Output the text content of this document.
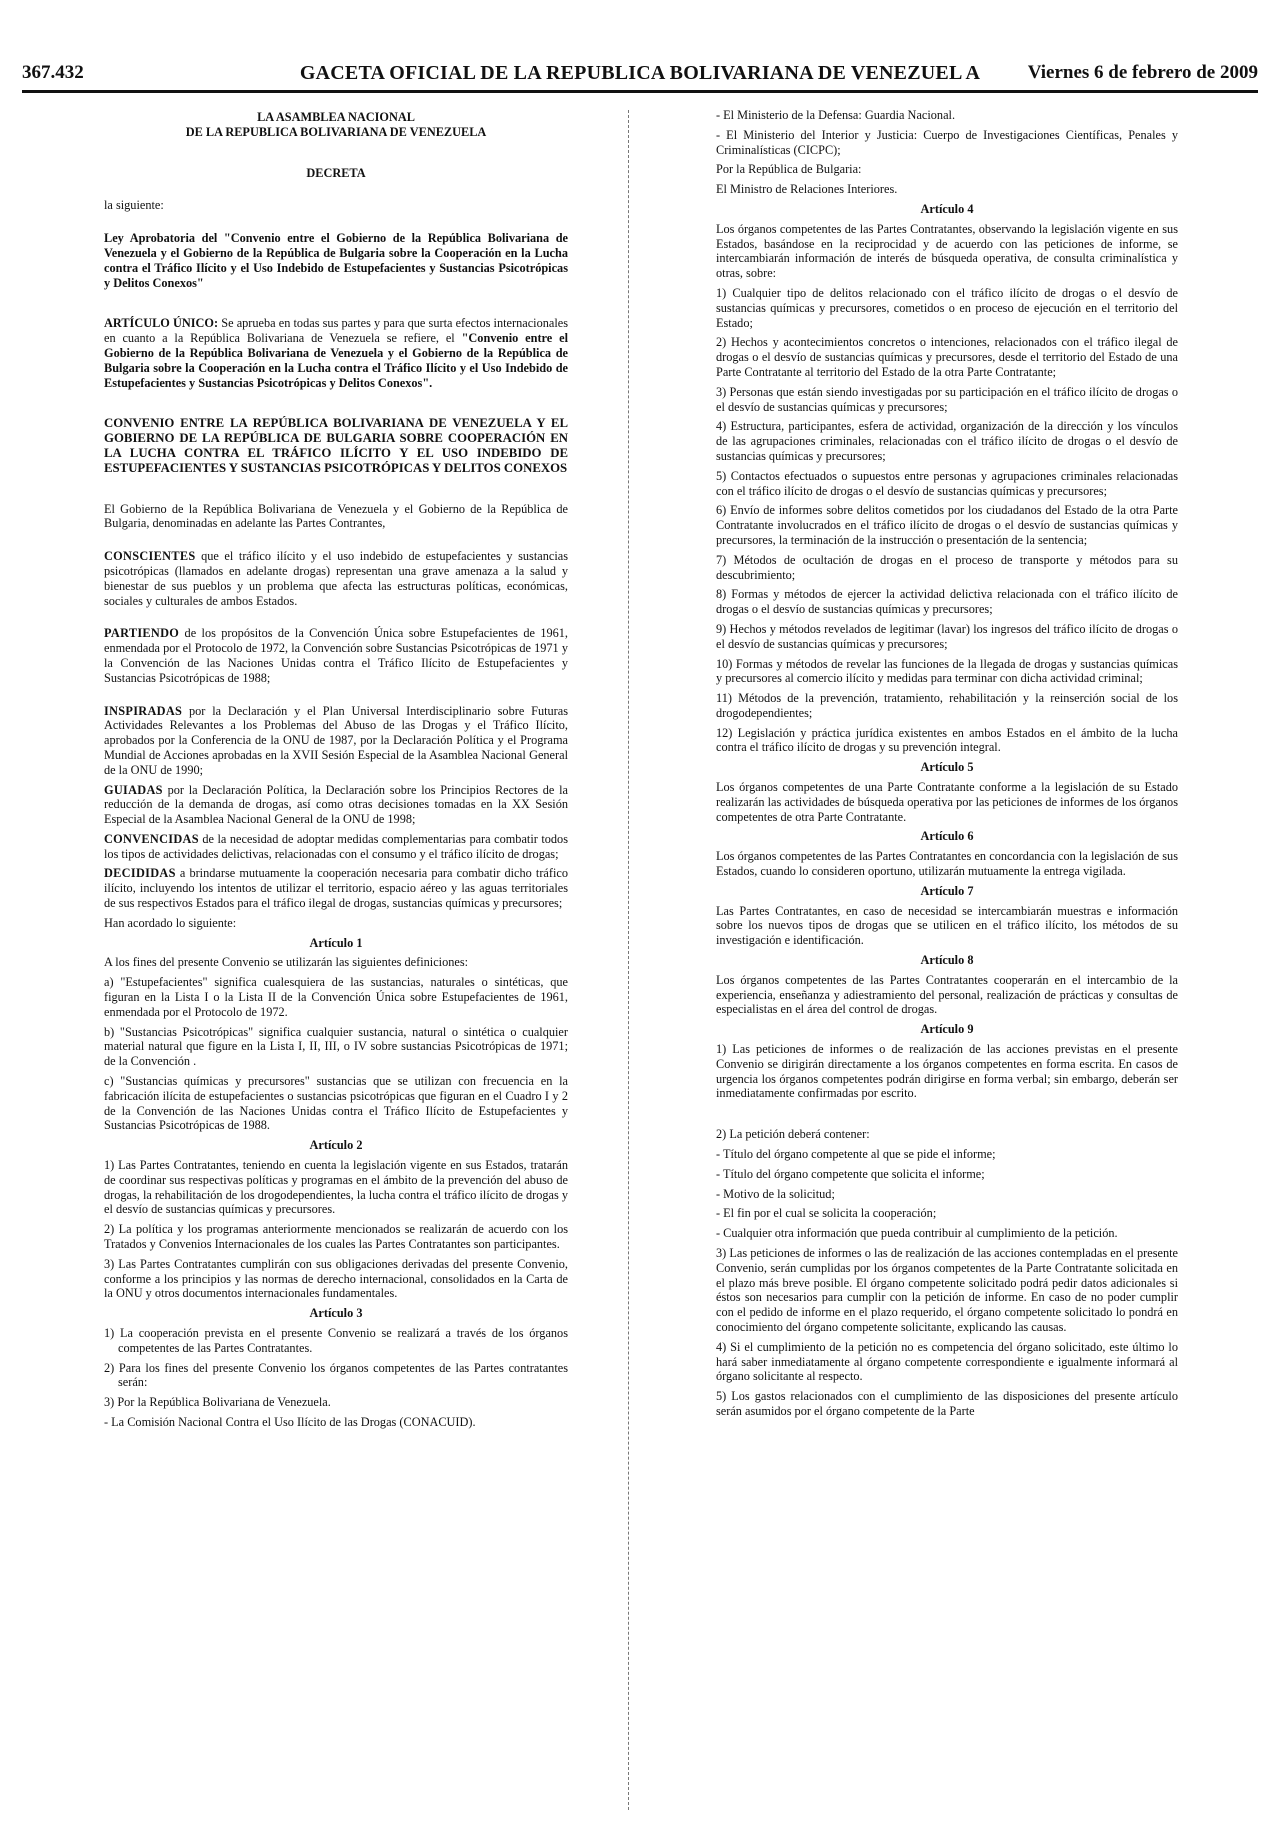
367.432	GACETA OFICIAL DE LA REPUBLICA BOLIVARIANA DE VENEZUEL A	Viernes 6 de febrero de 2009

LA ASAMBLEA NACIONAL

DE LA REPUBLICA BOLIVARIANA DE VENEZUELA

DECRETA

la siguiente:

Ley Aprobatoria del "Convenio entre el Gobierno de la República Bolivariana de Venezuela y el Gobierno de la República de Bulgaria sobre la Cooperación en la Lucha contra el Tráfico Ilícito y el Uso Indebido de Estupefacientes y Sustancias Psicotrópicas y Delitos Conexos"

ARTÍCULO ÚNICO: Se aprueba en todas sus partes y para que surta efectos internacionales en cuanto a la República Bolivariana de Venezuela se refiere, el "Convenio entre el Gobierno de la República Bolivariana de Venezuela y el Gobierno de la República de Bulgaria sobre la Cooperación en la Lucha contra el Tráfico Ilícito y el Uso Indebido de Estupefacientes y Sustancias Psicotrópicas y Delitos Conexos".

CONVENIO ENTRE LA REPÚBLICA BOLIVARIANA DE VENEZUELA Y EL GOBIERNO DE LA REPÚBLICA DE BULGARIA SOBRE COOPERACIÓN EN LA LUCHA CONTRA EL TRÁFICO ILÍCITO Y EL USO INDEBIDO DE ESTUPEFACIENTES Y SUSTANCIAS PSICOTRÓPICAS Y DELITOS CONEXOS

El Gobierno de la República Bolivariana de Venezuela y el Gobierno de la República de Bulgaria, denominadas en adelante las Partes Contrantes,

CONSCIENTES que el tráfico ilícito y el uso indebido de estupefacientes y sustancias psicotrópicas (llamados en adelante drogas) representan una grave amenaza a la salud y bienestar de sus pueblos y un problema que afecta las estructuras políticas, económicas, sociales y culturales de ambos Estados.

PARTIENDO de los propósitos de la Convención Única sobre Estupefacientes de 1961, enmendada por el Protocolo de 1972, la Convención sobre Sustancias Psicotrópicas de 1971 y la Convención de las Naciones Unidas contra el Tráfico Ilícito de Estupefacientes y Sustancias Psicotrópicas de 1988;

INSPIRADAS por la Declaración y el Plan Universal Interdisciplinario sobre Futuras Actividades Relevantes a los Problemas del Abuso de las Drogas y el Tráfico Ilícito, aprobados por la Conferencia de la ONU de 1987, por la Declaración Política y el Programa Mundial de Acciones aprobadas en la XVII Sesión Especial de la Asamblea Nacional General de la ONU de 1990;

GUIADAS por la Declaración Política, la Declaración sobre los Principios Rectores de la reducción de la demanda de drogas, así como otras decisiones tomadas en la XX Sesión Especial de la Asamblea Nacional General de la ONU de 1998;

CONVENCIDAS de la necesidad de adoptar medidas complementarias para combatir todos los tipos de actividades delictivas, relacionadas con el consumo y el tráfico ilícito de drogas;

DECIDIDAS a brindarse mutuamente la cooperación necesaria para combatir dicho tráfico ilícito, incluyendo los intentos de utilizar el territorio, espacio aéreo y las aguas territoriales de sus respectivos Estados para el tráfico ilegal de drogas, sustancias químicas y precursores;

Han acordado lo siguiente:

Artículo 1

A los fines del presente Convenio se utilizarán las siguientes definiciones:

a) "Estupefacientes" significa cualesquiera de las sustancias, naturales o sintéticas, que figuran en la Lista I o la Lista II de la Convención Única sobre Estupefacientes de 1961, enmendada por el Protocolo de 1972.

b) "Sustancias Psicotrópicas" significa cualquier sustancia, natural o sintética o cualquier material natural que figure en la Lista I, II, III, o IV sobre sustancias Psicotrópicas de 1971; de la Convención .

c) "Sustancias químicas y precursores" sustancias que se utilizan con frecuencia en la fabricación ilícita de estupefacientes o sustancias psicotrópicas que figuran en el Cuadro I y 2 de la Convención de las Naciones Unidas contra el Tráfico Ilícito de Estupefacientes y Sustancias Psicotrópicas de 1988.

Artículo 2

1) Las Partes Contratantes, teniendo en cuenta la legislación vigente en sus Estados, tratarán de coordinar sus respectivas políticas y programas en el ámbito de la prevención del abuso de drogas, la rehabilitación de los drogodependientes, la lucha contra el tráfico ilícito de drogas y el desvío de sustancias químicas y precursores.

2) La política y los programas anteriormente mencionados se realizarán de acuerdo con los Tratados y Convenios Internacionales de los cuales las Partes Contratantes son participantes.

3) Las Partes Contratantes cumplirán con sus obligaciones derivadas del presente Convenio, conforme a los principios y las normas de derecho internacional, consolidados en la Carta de la ONU y otros documentos internacionales fundamentales.

Artículo 3

1) La cooperación prevista en el presente Convenio se realizará a través de los órganos competentes de las Partes Contratantes.

2) Para los fines del presente Convenio los órganos competentes de las Partes contratantes serán:

3) Por la República Bolivariana de Venezuela.

- La Comisión Nacional Contra el Uso Ilícito de las Drogas (CONACUID).

- El Ministerio de la Defensa: Guardia Nacional.

- El Ministerio del Interior y Justicia: Cuerpo de Investigaciones Científicas, Penales y Criminalísticas (CICPC);

Por la República de Bulgaria:

El Ministro de Relaciones Interiores.

Artículo 4

Los órganos competentes de las Partes Contratantes, observando la legislación vigente en sus Estados, basándose en la reciprocidad y de acuerdo con las peticiones de informe, se intercambiarán información de interés de búsqueda operativa, de consulta criminalística y otras, sobre:

1) Cualquier tipo de delitos relacionado con el tráfico ilícito de drogas o el desvío de sustancias químicas y precursores, cometidos o en proceso de ejecución en el territorio del Estado;

2) Hechos y acontecimientos concretos o intenciones, relacionados con el tráfico ilegal de drogas o el desvío de sustancias químicas y precursores, desde el territorio del Estado de una Parte Contratante al territorio del Estado de la otra Parte Contratante;

3) Personas que están siendo investigadas por su participación en el tráfico ilícito de drogas o el desvío de sustancias químicas y precursores;

4) Estructura, participantes, esfera de actividad, organización de la dirección y los vínculos de las agrupaciones criminales, relacionadas con el tráfico ilícito de drogas o el desvío de sustancias químicas y precursores;

5) Contactos efectuados o supuestos entre personas y agrupaciones criminales relacionadas con el tráfico ilícito de drogas o el desvío de sustancias químicas y precursores;

6) Envío de informes sobre delitos cometidos por los ciudadanos del Estado de la otra Parte Contratante involucrados en el tráfico ilícito de drogas o el desvío de sustancias químicas y precursores, la terminación de la instrucción o presentación de la sentencia;

7) Métodos de ocultación de drogas en el proceso de transporte y métodos para su descubrimiento;

8) Formas y métodos de ejercer la actividad delictiva relacionada con el tráfico ilícito de drogas o el desvío de sustancias químicas y precursores;

9) Hechos y métodos revelados de legitimar (lavar) los ingresos del tráfico ilícito de drogas o el desvío de sustancias químicas y precursores;

10) Formas y métodos de revelar las funciones de la llegada de drogas y sustancias químicas y precursores al comercio ilícito y medidas para terminar con dicha actividad criminal;

11) Métodos de la prevención, tratamiento, rehabilitación y la reinserción social de los drogodependientes;

12) Legislación y práctica jurídica existentes en ambos Estados en el ámbito de la lucha contra el tráfico ilícito de drogas y su prevención integral.

Artículo 5

Los órganos competentes de una Parte Contratante conforme a la legislación de su Estado realizarán las actividades de búsqueda operativa por las peticiones de informes de los órganos competentes de otra Parte Contratante.

Artículo 6

Los órganos competentes de las Partes Contratantes en concordancia con la legislación de sus Estados, cuando lo consideren oportuno, utilizarán mutuamente la entrega vigilada.

Artículo 7

Las Partes Contratantes, en caso de necesidad se intercambiarán muestras e información sobre los nuevos tipos de drogas que se utilicen en el tráfico ilícito, los métodos de su investigación e identificación.

Artículo 8

Los órganos competentes de las Partes Contratantes cooperarán en el intercambio de la experiencia, enseñanza y adiestramiento del personal, realización de prácticas y consultas de especialistas en el área del control de drogas.

Artículo 9

1) Las peticiones de informes o de realización de las acciones previstas en el presente Convenio se dirigirán directamente a los órganos competentes en forma escrita. En casos de urgencia los órganos competentes podrán dirigirse en forma verbal; sin embargo, deberán ser inmediatamente confirmadas por escrito.

2) La petición deberá contener:

- Título del órgano competente al que se pide el informe;

- Título del órgano competente que solicita el informe;

- Motivo de la solicitud;

- El fin por el cual se solicita la cooperación;

- Cualquier otra información que pueda contribuir al cumplimiento de la petición.

3) Las peticiones de informes o las de realización de las acciones contempladas en el presente Convenio, serán cumplidas por los órganos competentes de la Parte Contratante solicitada en el plazo más breve posible. El órgano competente solicitado podrá pedir datos adicionales si éstos son necesarios para cumplir con la petición de informe. En caso de no poder cumplir con el pedido de informe en el plazo requerido, el órgano competente solicitado lo pondrá en conocimiento del órgano competente solicitante, explicando las causas.

4) Si el cumplimiento de la petición no es competencia del órgano solicitado, este último lo hará saber inmediatamente al órgano competente correspondiente e igualmente informará al órgano solicitante al respecto.

5) Los gastos relacionados con el cumplimiento de las disposiciones del presente artículo serán asumidos por el órgano competente de la Parte
